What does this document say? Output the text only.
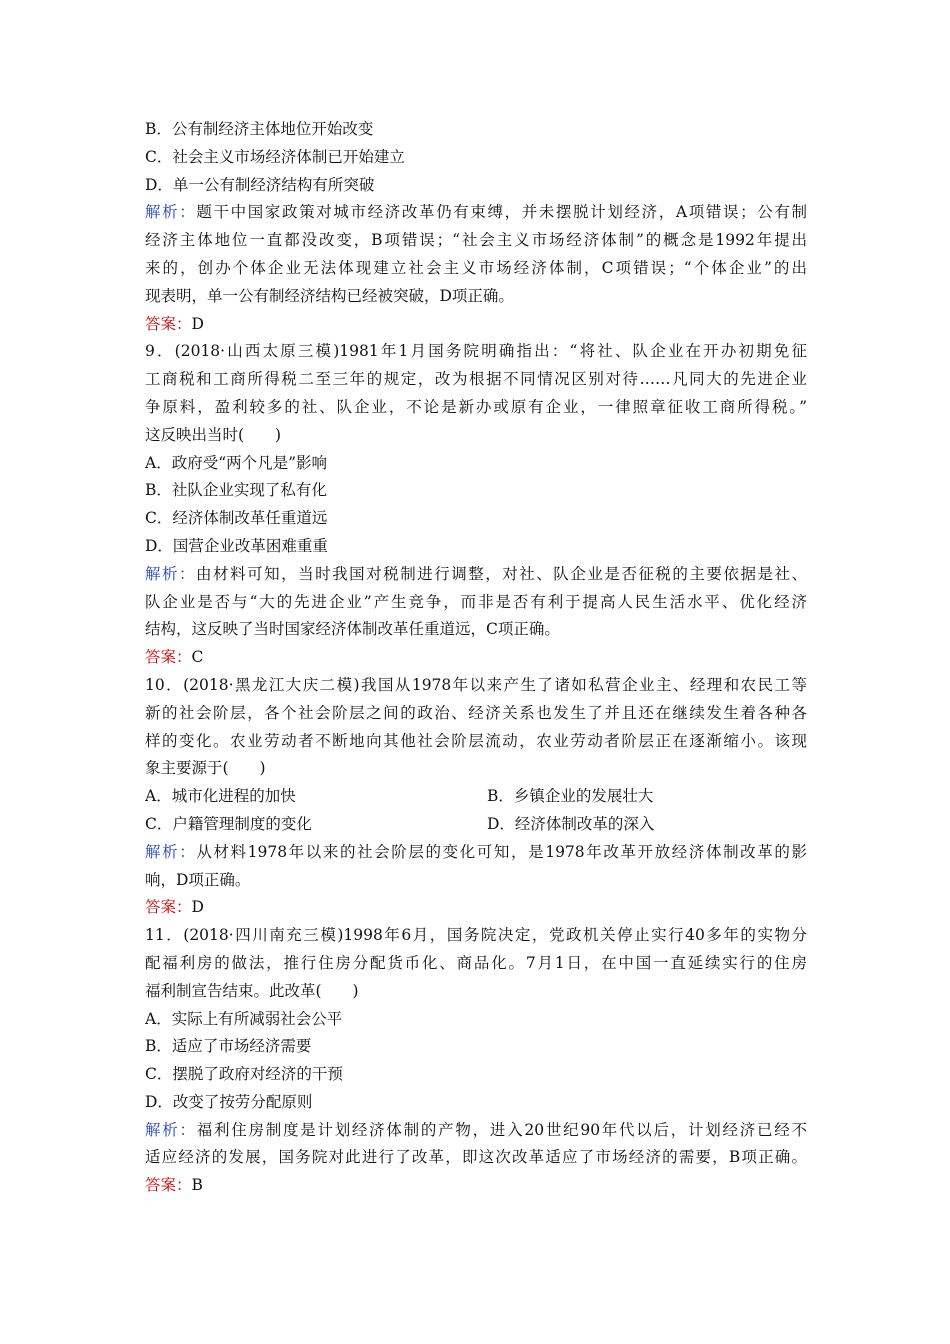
B．公有制经济主体地位开始改变
C．社会主义市场经济体制已开始建立
D．单一公有制经济结构有所突破
解析：题干中国家政策对城市经济改革仍有束缚，并未摆脱计划经济，A项错误；公有制
经济主体地位一直都没改变，B项错误；“社会主义市场经济体制”的概念是1992年提出
来的，创办个体企业无法体现建立社会主义市场经济体制，C项错误；“个体企业”的出
现表明，单一公有制经济结构已经被突破，D项正确。
答案：D
9．(2018·山西太原三模)1981年1月国务院明确指出：“将社、队企业在开办初期免征
工商税和工商所得税二至三年的规定，改为根据不同情况区别对待……凡同大的先进企业
争原料，盈利较多的社、队企业，不论是新办或原有企业，一律照章征收工商所得税。”
这反映出当时(　　)
A．政府受“两个凡是”影响
B．社队企业实现了私有化
C．经济体制改革任重道远
D．国营企业改革困难重重
解析：由材料可知，当时我国对税制进行调整，对社、队企业是否征税的主要依据是社、
队企业是否与“大的先进企业”产生竞争，而非是否有利于提高人民生活水平、优化经济
结构，这反映了当时国家经济体制改革任重道远，C项正确。
答案：C
10．(2018·黑龙江大庆二模)我国从1978年以来产生了诸如私营企业主、经理和农民工等
新的社会阶层，各个社会阶层之间的政治、经济关系也发生了并且还在继续发生着各种各
样的变化。农业劳动者不断地向其他社会阶层流动，农业劳动者阶层正在逐渐缩小。该现
象主要源于(　　)
A．城市化进程的加快	B．乡镇企业的发展壮大
C．户籍管理制度的变化	D．经济体制改革的深入
解析：从材料1978年以来的社会阶层的变化可知，是1978年改革开放经济体制改革的影
响，D项正确。
答案：D
11．(2018·四川南充三模)1998年6月，国务院决定，党政机关停止实行40多年的实物分
配福利房的做法，推行住房分配货币化、商品化。7月1日，在中国一直延续实行的住房
福利制宣告结束。此改革(　　)
A．实际上有所减弱社会公平
B．适应了市场经济需要
C．摆脱了政府对经济的干预
D．改变了按劳分配原则
解析：福利住房制度是计划经济体制的产物，进入20世纪90年代以后，计划经济已经不
适应经济的发展，国务院对此进行了改革，即这次改革适应了市场经济的需要，B项正确。
答案：B
